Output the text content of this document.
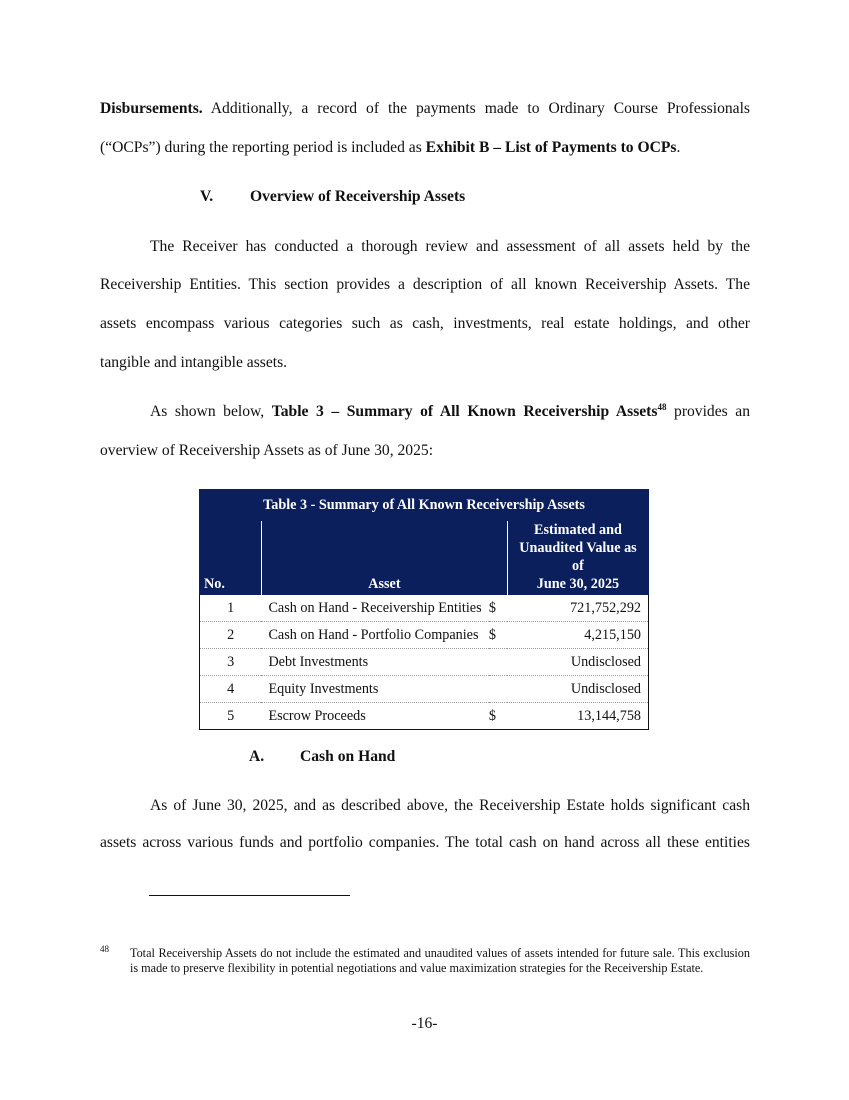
Disbursements. Additionally, a record of the payments made to Ordinary Course Professionals
(“OCPs”) during the reporting period is included as Exhibit B – List of Payments to OCPs.
V. Overview of Receivership Assets
The Receiver has conducted a thorough review and assessment of all assets held by the
Receivership Entities. This section provides a description of all known Receivership Assets. The
assets encompass various categories such as cash, investments, real estate holdings, and other
tangible and intangible assets.
As shown below, Table 3 – Summary of All Known Receivership Assets$^{48}$ provides an
overview of Receivership Assets as of June 30, 2025:
Table 3 - Summary of All Known Receivership Assets			
No.	Asset		Estimated and
Unaudited Value as of
June 30, 2025

1	Cash on Hand - Receivership Entities	$	721,752,292
2	Cash on Hand - Portfolio Companies	$	4,215,150
3	Debt Investments		Undisclosed
4	Equity Investments		Undisclosed
5	Escrow Proceeds	$	13,144,758
A. Cash on Hand
As of June 30, 2025, and as described above, the Receivership Estate holds significant cash
assets across various funds and portfolio companies. The total cash on hand across all these entities
48 Total Receivership Assets do not include the estimated and unaudited values of assets intended for future sale. This exclusion is made to preserve flexibility in potential negotiations and value maximization strategies for the Receivership Estate.
-16-
